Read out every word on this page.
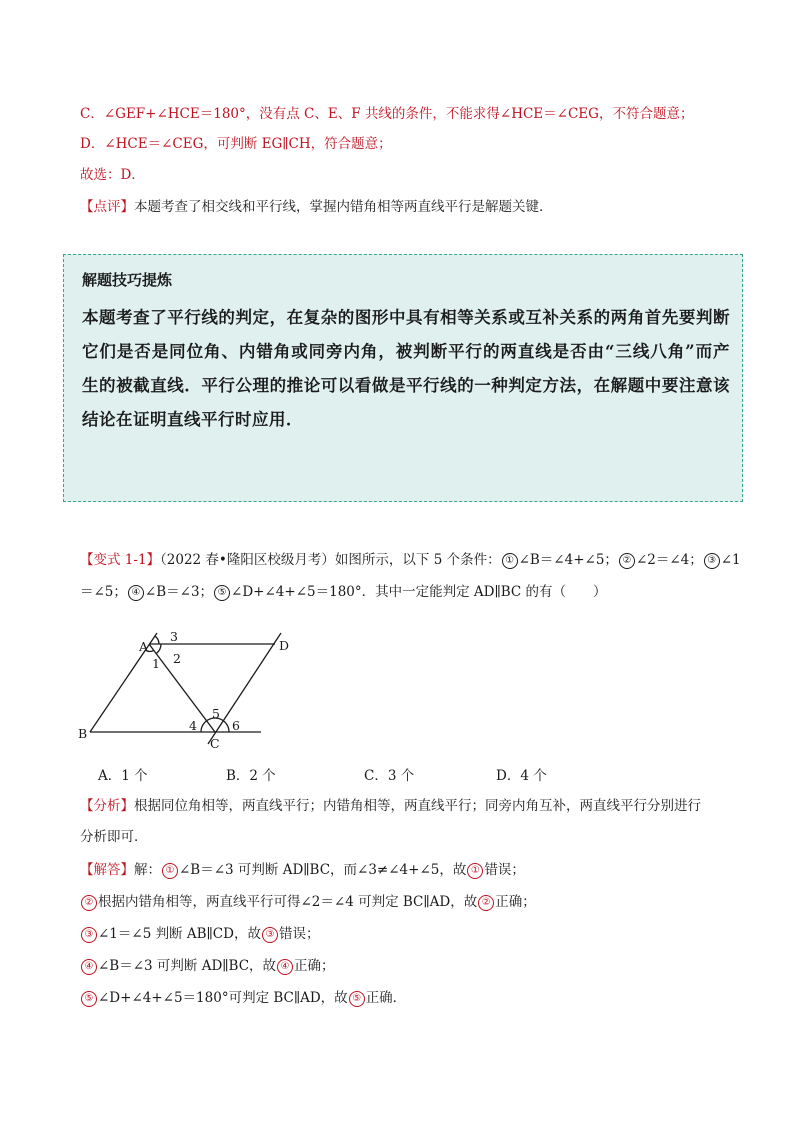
C．∠GEF+∠HCE＝180°，没有点 C、E、F 共线的条件，不能求得∠HCE＝∠CEG，不符合题意；
D．∠HCE＝∠CEG，可判断 EG∥CH，符合题意；
故选：D．
【点评】本题考查了相交线和平行线，掌握内错角相等两直线平行是解题关键．
解题技巧提炼
本题考查了平行线的判定，在复杂的图形中具有相等关系或互补关系的两角首先要判断它们是否是同位角、内错角或同旁内角，被判断平行的两直线是否由“三线八角”而产生的被截直线．平行公理的推论可以看做是平行线的一种判定方法，在解题中要注意该结论在证明直线平行时应用．
【变式 1-1】（2022 春•隆阳区校级月考）如图所示，以下 5 个条件： ① ∠B＝∠4+∠5； ② ∠2＝∠4； ③ ∠1
＝∠5； ④ ∠B＝∠3； ⑤ ∠D+∠4+∠5＝180°．其中一定能判定 AD∥BC 的有（　　）
A
B
C
D
1 2
3
4
5
6
A．1 个	B．2 个	C．3 个	D．4 个
【分析】根据同位角相等，两直线平行；内错角相等，两直线平行；同旁内角互补，两直线平行分别进行
分析即可．
【解答】解： ① ∠B＝∠3 可判断 AD∥BC，而∠3≠∠4+∠5，故 ① 错误；
② 根据内错角相等，两直线平行可得∠2＝∠4 可判定 BC∥AD，故 ② 正确；
③ ∠1＝∠5 判断 AB∥CD，故 ③ 错误；
④ ∠B＝∠3 可判断 AD∥BC，故 ④ 正确；
⑤ ∠D+∠4+∠5＝180°可判定 BC∥AD，故 ⑤ 正确．
